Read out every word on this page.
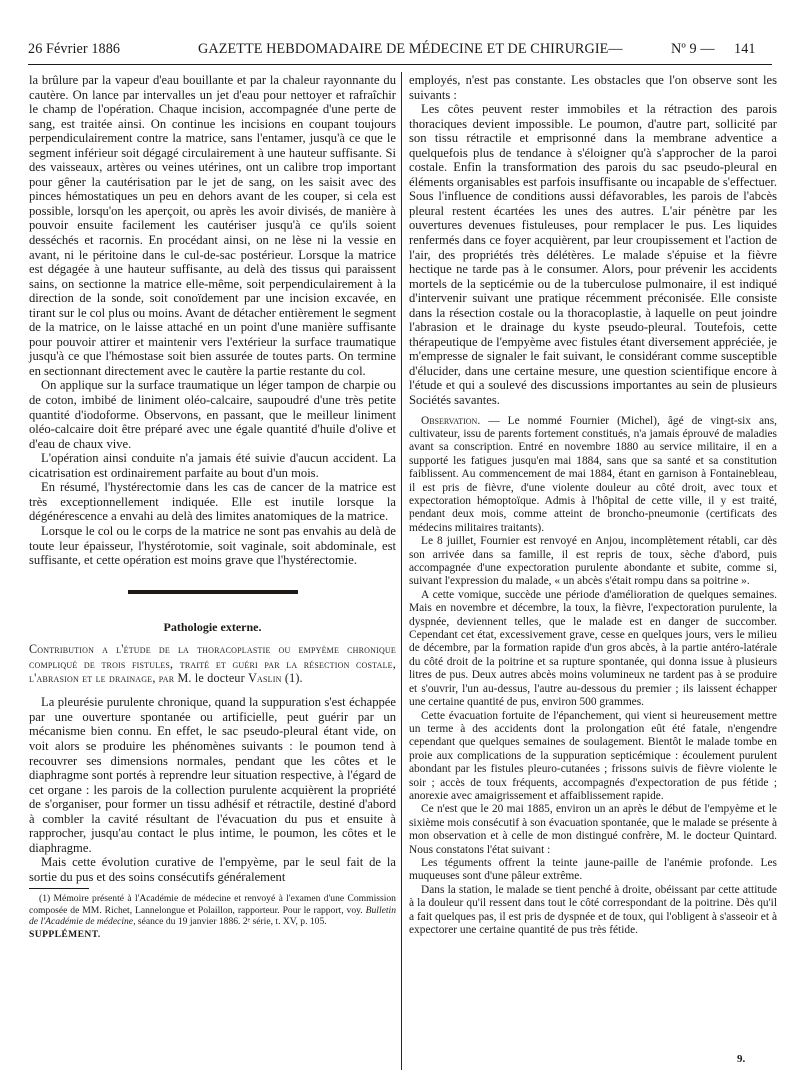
26 Février 1886	GAZETTE HEBDOMADAIRE DE MÉDECINE ET DE CHIRURGIE—	Nº 9 — 141

la brûlure par la vapeur d'eau bouillante et par la chaleur rayonnante du cautère. On lance par intervalles un jet d'eau pour nettoyer et rafraîchir le champ de l'opération. Chaque incision, accompagnée d'une perte de sang, est traitée ainsi. On continue les incisions en coupant toujours perpendiculairement contre la matrice, sans l'entamer, jusqu'à ce que le segment inférieur soit dégagé circulairement à une hauteur suffisante. Si des vaisseaux, artères ou veines utérines, ont un calibre trop important pour gêner la cautérisation par le jet de sang, on les saisit avec des pinces hémostatiques un peu en dehors avant de les couper, si cela est possible, lorsqu'on les aperçoit, ou après les avoir divisés, de manière à pouvoir ensuite facilement les cautériser jusqu'à ce qu'ils soient desséchés et racornis. En procédant ainsi, on ne lèse ni la vessie en avant, ni le péritoine dans le cul-de-sac postérieur. Lorsque la matrice est dégagée à une hauteur suffisante, au delà des tissus qui paraissent sains, on sectionne la matrice elle-même, soit perpendiculairement à la direction de la sonde, soit conoïdement par une incision excavée, en tirant sur le col plus ou moins. Avant de détacher entièrement le segment de la matrice, on le laisse attaché en un point d'une manière suffisante pour pouvoir attirer et maintenir vers l'extérieur la surface traumatique jusqu'à ce que l'hémostase soit bien assurée de toutes parts. On termine en sectionnant directement avec le cautère la partie restante du col.

On applique sur la surface traumatique un léger tampon de charpie ou de coton, imbibé de liniment oléo-calcaire, saupoudré d'une très petite quantité d'iodoforme. Observons, en passant, que le meilleur liniment oléo-calcaire doit être préparé avec une égale quantité d'huile d'olive et d'eau de chaux vive.

L'opération ainsi conduite n'a jamais été suivie d'aucun accident. La cicatrisation est ordinairement parfaite au bout d'un mois.

En résumé, l'hystérectomie dans les cas de cancer de la matrice est très exceptionnellement indiquée. Elle est inutile lorsque la dégénérescence a envahi au delà des limites anatomiques de la matrice.

Lorsque le col ou le corps de la matrice ne sont pas envahis au delà de toute leur épaisseur, l'hystérotomie, soit vaginale, soit abdominale, est suffisante, et cette opération est moins grave que l'hystérectomie.

Pathologie externe.

Contribution a l'étude de la thoracoplastie ou empyème chronique compliqué de trois fistules, traité et guéri par la résection costale, l'abrasion et le drainage, par M. le docteur Vaslin (1).

La pleurésie purulente chronique, quand la suppuration s'est échappée par une ouverture spontanée ou artificielle, peut guérir par un mécanisme bien connu. En effet, le sac pseudo-pleural étant vide, on voit alors se produire les phénomènes suivants : le poumon tend à recouvrer ses dimensions normales, pendant que les côtes et le diaphragme sont portés à reprendre leur situation respective, à l'égard de cet organe : les parois de la collection purulente acquièrent la propriété de s'organiser, pour former un tissu adhésif et rétractile, destiné d'abord à combler la cavité résultant de l'évacuation du pus et ensuite à rapprocher, jusqu'au contact le plus intime, le poumon, les côtes et le diaphragme.

Mais cette évolution curative de l'empyème, par le seul fait de la sortie du pus et des soins consécutifs généralement

(1) Mémoire présenté à l'Académie de médecine et renvoyé à l'examen d'une Commission composée de MM. Richet, Lannelongue et Polaillon, rapporteur. Pour le rapport, voy. Bulletin de l'Académie de médecine, séance du 19 janvier 1886. 2ᵉ série, t. XV, p. 105.

SUPPLÉMENT.

employés, n'est pas constante. Les obstacles que l'on observe sont les suivants :

Les côtes peuvent rester immobiles et la rétraction des parois thoraciques devient impossible. Le poumon, d'autre part, sollicité par son tissu rétractile et emprisonné dans la membrane adventice a quelquefois plus de tendance à s'éloigner qu'à s'approcher de la paroi costale. Enfin la transformation des parois du sac pseudo-pleural en éléments organisables est parfois insuffisante ou incapable de s'effectuer. Sous l'influence de conditions aussi défavorables, les parois de l'abcès pleural restent écartées les unes des autres. L'air pénètre par les ouvertures devenues fistuleuses, pour remplacer le pus. Les liquides renfermés dans ce foyer acquièrent, par leur croupissement et l'action de l'air, des propriétés très délétères. Le malade s'épuise et la fièvre hectique ne tarde pas à le consumer. Alors, pour prévenir les accidents mortels de la septicémie ou de la tuberculose pulmonaire, il est indiqué d'intervenir suivant une pratique récemment préconisée. Elle consiste dans la résection costale ou la thoracoplastie, à laquelle on peut joindre l'abrasion et le drainage du kyste pseudo-pleural. Toutefois, cette thérapeutique de l'empyème avec fistules étant diversement appréciée, je m'empresse de signaler le fait suivant, le considérant comme susceptible d'élucider, dans une certaine mesure, une question scientifique encore à l'étude et qui a soulevé des discussions importantes au sein de plusieurs Sociétés savantes.

Observation. — Le nommé Fournier (Michel), âgé de vingt-six ans, cultivateur, issu de parents fortement constitués, n'a jamais éprouvé de maladies avant sa conscription. Entré en novembre 1880 au service militaire, il en a supporté les fatigues jusqu'en mai 1884, sans que sa santé et sa constitution faiblissent. Au commencement de mai 1884, étant en garnison à Fontainebleau, il est pris de fièvre, d'une violente douleur au côté droit, avec toux et expectoration hémoptoïque. Admis à l'hôpital de cette ville, il y est traité, pendant deux mois, comme atteint de broncho-pneumonie (certificats des médecins militaires traitants).

Le 8 juillet, Fournier est renvoyé en Anjou, incomplètement rétabli, car dès son arrivée dans sa famille, il est repris de toux, sèche d'abord, puis accompagnée d'une expectoration purulente abondante et subite, comme si, suivant l'expression du malade, « un abcès s'était rompu dans sa poitrine ».

A cette vomique, succède une période d'amélioration de quelques semaines. Mais en novembre et décembre, la toux, la fièvre, l'expectoration purulente, la dyspnée, deviennent telles, que le malade est en danger de succomber. Cependant cet état, excessivement grave, cesse en quelques jours, vers le milieu de décembre, par la formation rapide d'un gros abcès, à la partie antéro-latérale du côté droit de la poitrine et sa rupture spontanée, qui donna issue à plusieurs litres de pus. Deux autres abcès moins volumineux ne tardent pas à se produire et s'ouvrir, l'un au-dessus, l'autre au-dessous du premier ; ils laissent échapper une certaine quantité de pus, environ 500 grammes.

Cette évacuation fortuite de l'épanchement, qui vient si heureusement mettre un terme à des accidents dont la prolongation eût été fatale, n'engendre cependant que quelques semaines de soulagement. Bientôt le malade tombe en proie aux complications de la suppuration septicémique : écoulement purulent abondant par les fistules pleuro-cutanées ; frissons suivis de fièvre violente le soir ; accès de toux fréquents, accompagnés d'expectoration de pus fétide ; anorexie avec amaigrissement et affaiblissement rapide.

Ce n'est que le 20 mai 1885, environ un an après le début de l'empyème et le sixième mois consécutif à son évacuation spontanée, que le malade se présente à mon observation et à celle de mon distingué confrère, M. le docteur Quintard. Nous constatons l'état suivant :

Les téguments offrent la teinte jaune-paille de l'anémie profonde. Les muqueuses sont d'une pâleur extrême.

Dans la station, le malade se tient penché à droite, obéissant par cette attitude à la douleur qu'il ressent dans tout le côté correspondant de la poitrine. Dès qu'il a fait quelques pas, il est pris de dyspnée et de toux, qui l'obligent à s'asseoir et à expectorer une certaine quantité de pus très fétide.

9.
